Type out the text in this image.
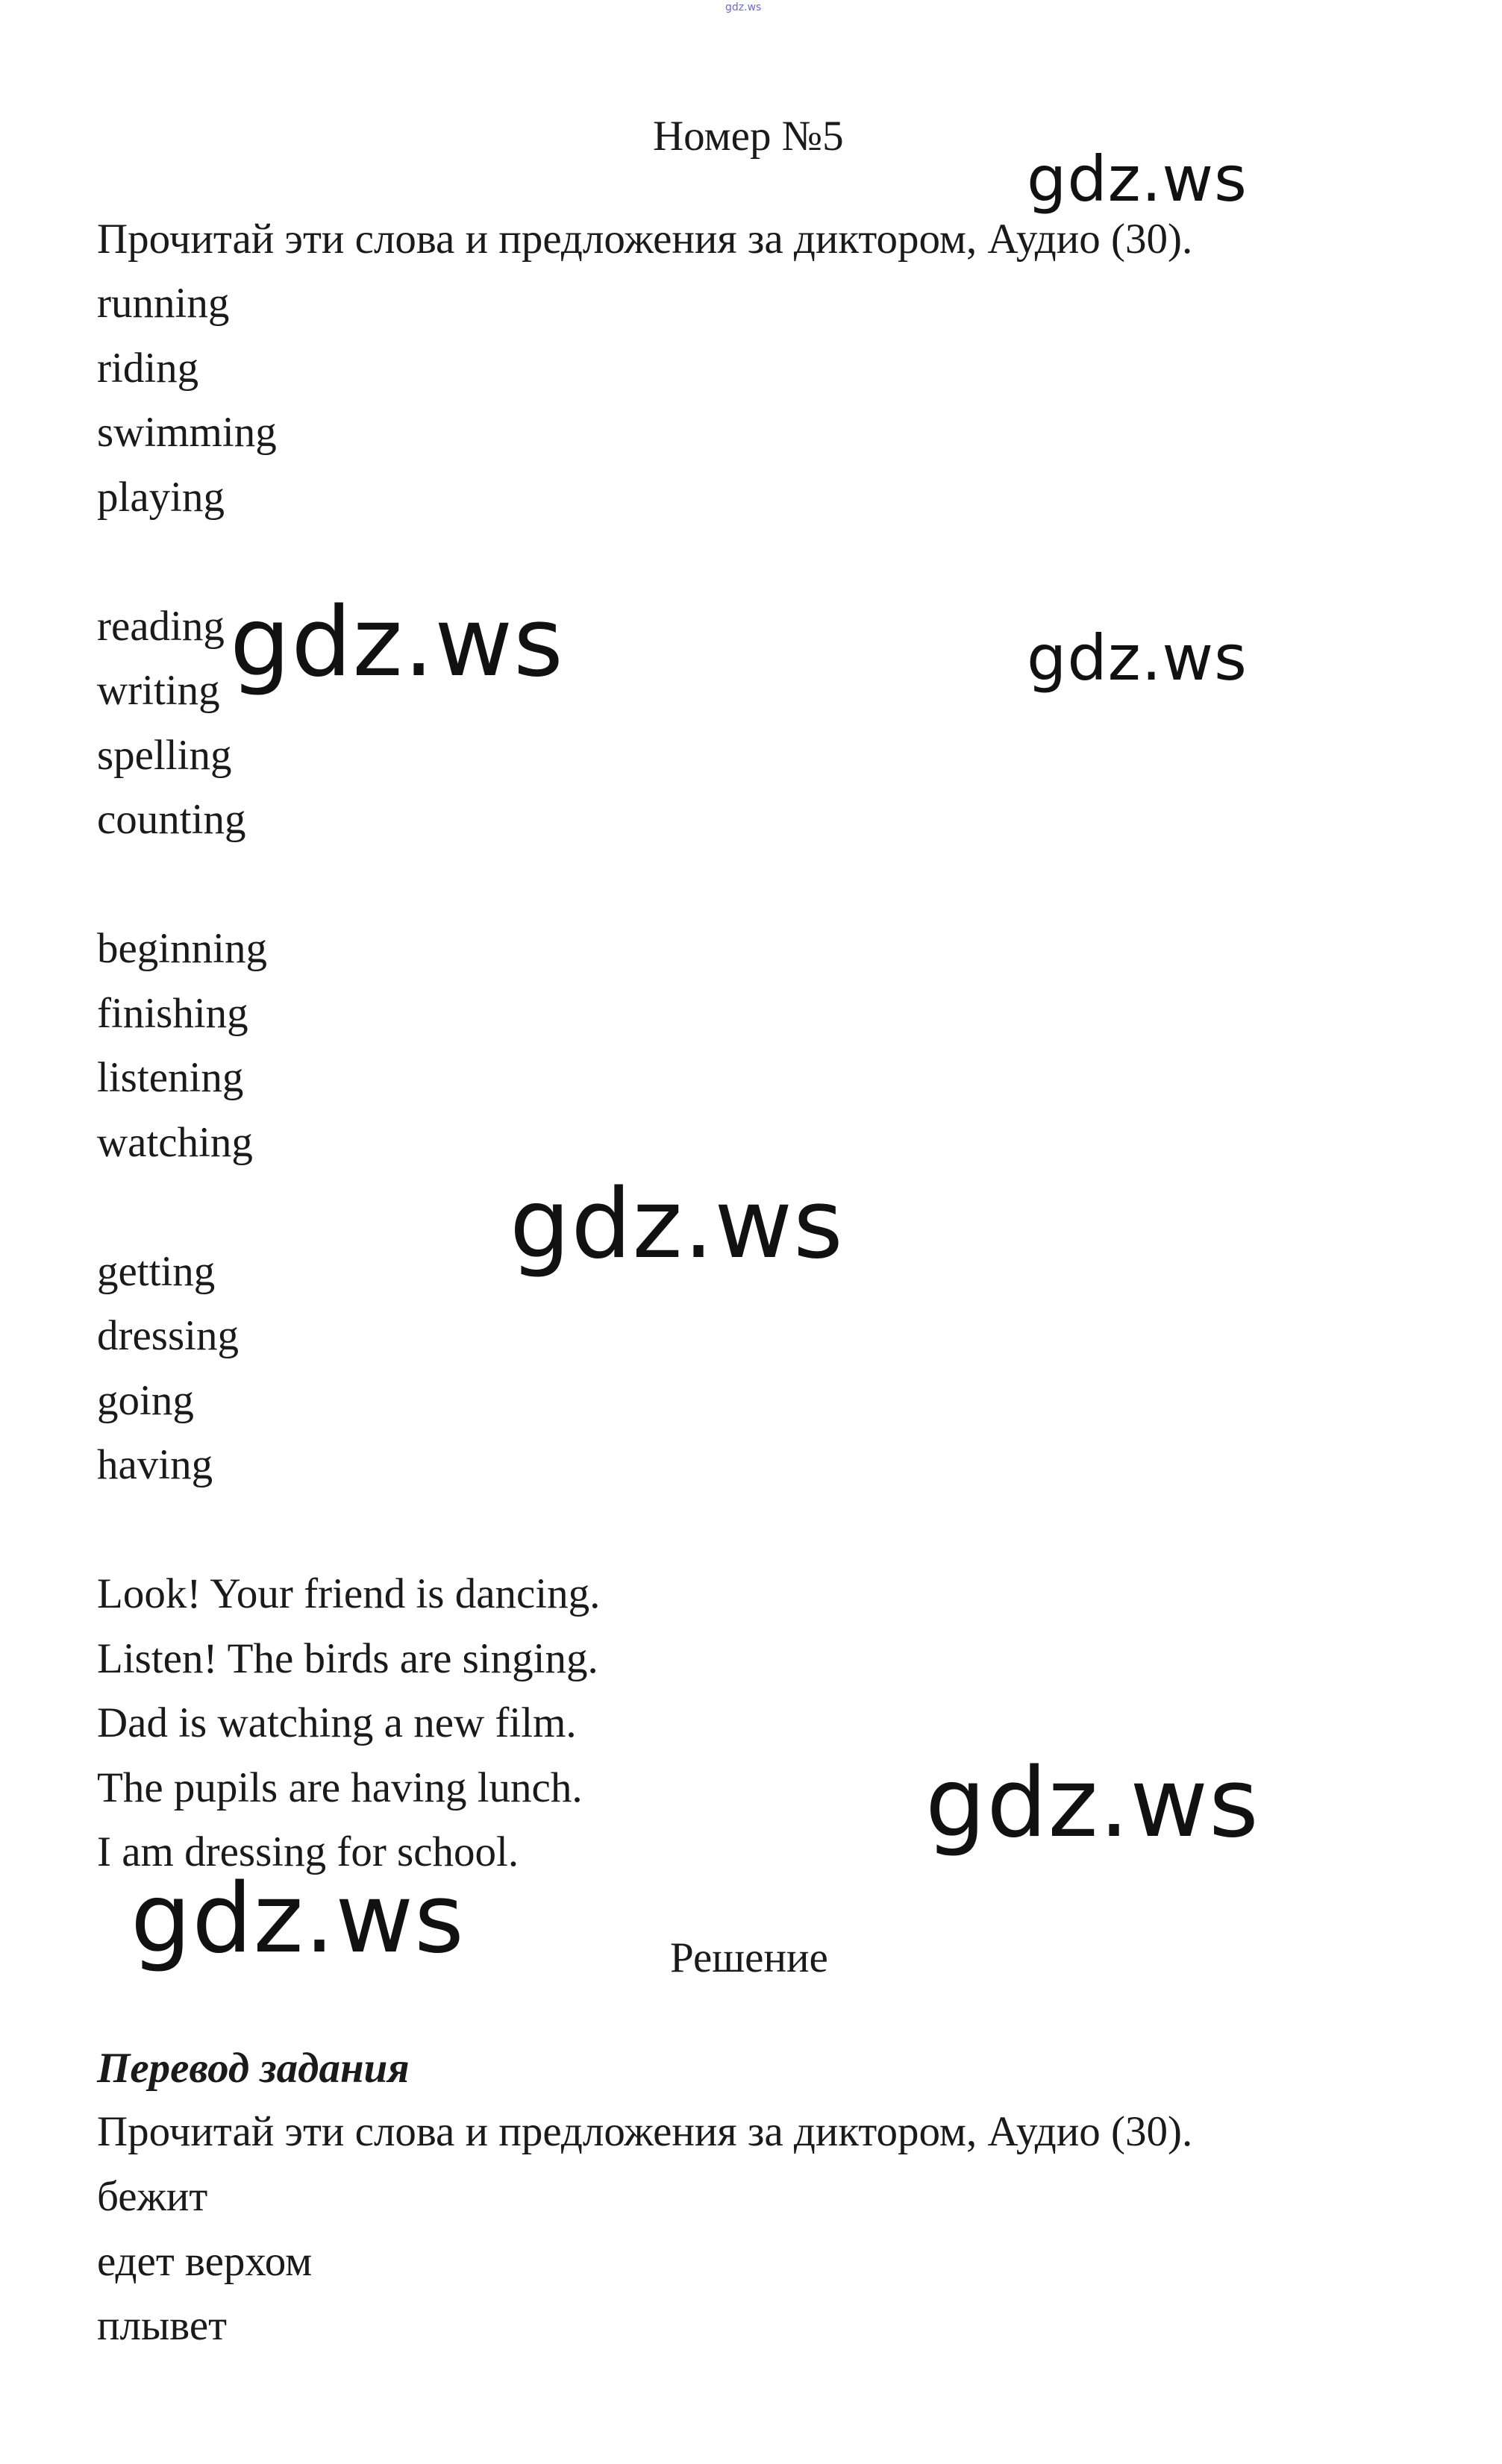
gdz.ws
Номер №5
gdz.ws
Прочитай эти слова и предложения за диктором, Аудио (30).
running
riding
swimming
playing
reading
writing
spelling
counting
beginning
finishing
listening
watching
getting
dressing
going
having
gdz.ws	gdz.ws
gdz.ws
Look! Your friend is dancing.
Listen! The birds are singing.
Dad is watching a new film.
The pupils are having lunch.
I am dressing for school.	gdz.ws
gdz.ws	Решение
Перевод задания
Прочитай эти слова и предложения за диктором, Аудио (30).
бежит
едет верхом
плывет
